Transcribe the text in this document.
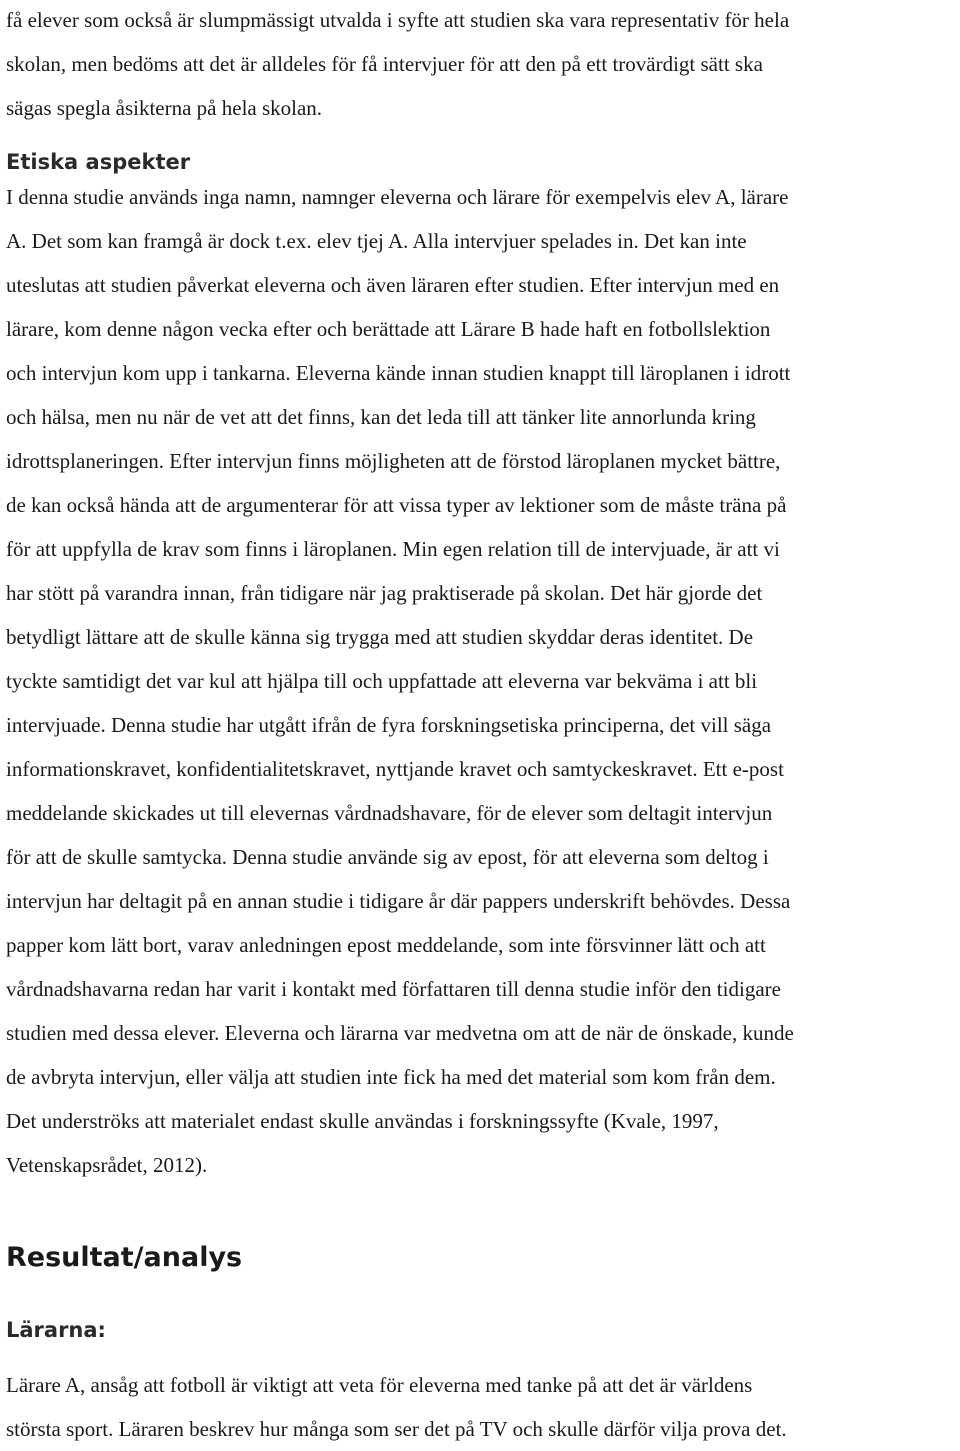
få elever som också är slumpmässigt utvalda i syfte att studien ska vara representativ för hela
skolan, men bedöms att det är alldeles för få intervjuer för att den på ett trovärdigt sätt ska
sägas spegla åsikterna på hela skolan.
Etiska aspekter
I denna studie används inga namn, namnger eleverna och lärare för exempelvis elev A, lärare
A. Det som kan framgå är dock t.ex. elev tjej A. Alla intervjuer spelades in. Det kan inte
uteslutas att studien påverkat eleverna och även läraren efter studien. Efter intervjun med en
lärare, kom denne någon vecka efter och berättade att Lärare B hade haft en fotbollslektion
och intervjun kom upp i tankarna. Eleverna kände innan studien knappt till läroplanen i idrott
och hälsa, men nu när de vet att det finns, kan det leda till att tänker lite annorlunda kring
idrottsplaneringen. Efter intervjun finns möjligheten att de förstod läroplanen mycket bättre,
de kan också hända att de argumenterar för att vissa typer av lektioner som de måste träna på
för att uppfylla de krav som finns i läroplanen. Min egen relation till de intervjuade, är att vi
har stött på varandra innan, från tidigare när jag praktiserade på skolan. Det här gjorde det
betydligt lättare att de skulle känna sig trygga med att studien skyddar deras identitet. De
tyckte samtidigt det var kul att hjälpa till och uppfattade att eleverna var bekväma i att bli
intervjuade. Denna studie har utgått ifrån de fyra forskningsetiska principerna, det vill säga
informationskravet, konfidentialitetskravet, nyttjande kravet och samtyckeskravet. Ett e-post
meddelande skickades ut till elevernas vårdnadshavare, för de elever som deltagit intervjun
för att de skulle samtycka. Denna studie använde sig av epost, för att eleverna som deltog i
intervjun har deltagit på en annan studie i tidigare år där pappers underskrift behövdes. Dessa
papper kom lätt bort, varav anledningen epost meddelande, som inte försvinner lätt och att
vårdnadshavarna redan har varit i kontakt med författaren till denna studie inför den tidigare
studien med dessa elever. Eleverna och lärarna var medvetna om att de när de önskade, kunde
de avbryta intervjun, eller välja att studien inte fick ha med det material som kom från dem.
Det underströks att materialet endast skulle användas i forskningssyfte (Kvale, 1997,
Vetenskapsrådet, 2012).
Resultat/analys
Lärarna:
Lärare A, ansåg att fotboll är viktigt att veta för eleverna med tanke på att det är världens
största sport. Läraren beskrev hur många som ser det på TV och skulle därför vilja prova det.
